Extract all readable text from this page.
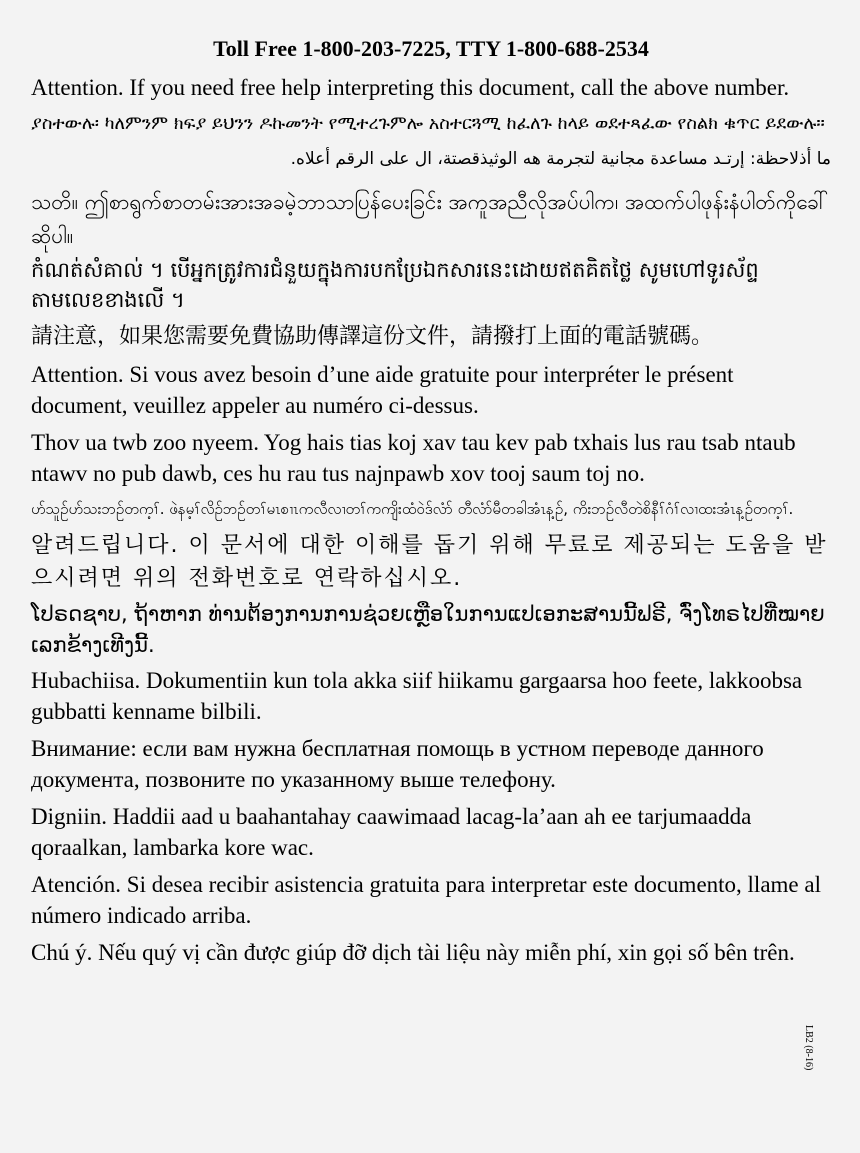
Toll Free 1-800-203-7225, TTY 1-800-688-2534
Attention. If you need free help interpreting this document, call the above number.
ያስተውሉ፡ ካለምንም ክፍያ ይህንን ዶኩመንት የሚተረጉምሎ አስተርጓሚ ከፈለጉ ከላይ ወደተጻፈው የስልክ ቁጥር ይደውሉ።
ما أذلاحظة: إرتـد مساعدة مجانية لتجرمة هه الوثيذقصتة، ال على الرقم أعلاه.
သတိ။ ဤစာရွက်စာတမ်းအားအခမဲ့ဘာသာပြန်ပေးခြင်း အကူအညီလိုအပ်ပါက၊ အထက်ပါဖုန်းနံပါတ်ကိုခေါ်ဆိုပါ။
កំណត់សំគាល់ ។ បើអ្នកត្រូវការជំនួយក្នុងការបកប្រែឯកសារនេះដោយឥតគិតថ្លៃ សូមហៅទូរស័ព្ទតាមលេខខាងលើ ។
請注意，如果您需要免費協助傳譯這份文件，請撥打上面的電話號碼。
Attention. Si vous avez besoin d’une aide gratuite pour interpréter le présent document, veuillez appeler au numéro ci-dessus.
Thov ua twb zoo nyeem. Yog hais tias koj xav tau kev pab txhais lus rau tsab ntaub ntawv no pub dawb, ces hu rau tus najnpawb xov tooj saum toj no.
ဟ်သူဉ်ဟ်သးဘဉ်တက့ၢ်. ဖဲနမ့ၢ်လိဉ်ဘဉ်တၢ်မၤစၢၤကလီလၢတၢ်ကကျိးထံဝဲဒ်လံာ် တီလံာ်မီတခါအံၤန့ဉ်, ကိးဘဉ်လီတဲစိနီၢ်ဂံၢ်လၢထးအံၤန့ဉ်တက့ၢ်.
알려드립니다. 이 문서에 대한 이해를 돕기 위해 무료로 제공되는 도움을 받으시려면 위의 전화번호로 연락하십시오.
ໂປຣດຊາບ, ຖ້າຫາກ ທ່ານຕ້ອງການການຊ່ວຍເຫຼືອໃນການແປເອກະສານນີ້ຟຣີ, ຈົ່ງໂທຣໄປທີ່ໝາຍເລກຂ້າງເທີງນີ້.
Hubachiisa. Dokumentiin kun tola akka siif hiikamu gargaarsa hoo feete, lakkoobsa gubbatti kenname bilbili.
Внимание: если вам нужна бесплатная помощь в устном переводе данного документа, позвоните по указанному выше телефону.
Digniin. Haddii aad u baahantahay caawimaad lacag-la’aan ah ee tarjumaadda qoraalkan, lambarka kore wac.
Atención. Si desea recibir asistencia gratuita para interpretar este documento, llame al número indicado arriba.
Chú ý. Nếu quý vị cần được giúp đỡ dịch tài liệu này miễn phí, xin gọi số bên trên.
LB2 (8-16)
